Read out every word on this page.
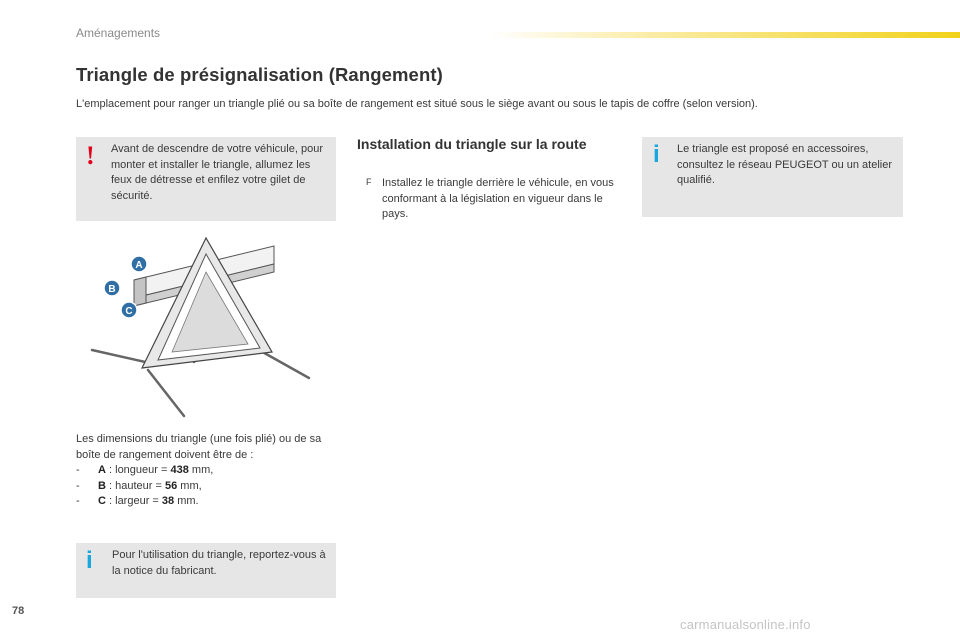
Aménagements
Triangle de présignalisation (Rangement)

L'emplacement pour ranger un triangle plié ou sa boîte de rangement est situé sous le siège avant ou sous le tapis de coffre (selon version).

! Avant de descendre de votre véhicule, pour monter et installer le triangle, allumez les feux de détresse et enfilez votre gilet de sécurité.

A
B
C

Les dimensions du triangle (une fois plié) ou de sa boîte de rangement doivent être de :

- A : longueur = 438 mm,
- B : hauteur = 56 mm,
- C : largeur = 38 mm.
i Pour l'utilisation du triangle, reportez-vous à la notice du fabricant.

Installation du triangle sur la route
F Installez le triangle derrière le véhicule, en vous conformant à la législation en vigueur dans le pays.

i Le triangle est proposé en accessoires, consultez le réseau PEUGEOT ou un atelier qualifié.

78
carmanualsonline.info
